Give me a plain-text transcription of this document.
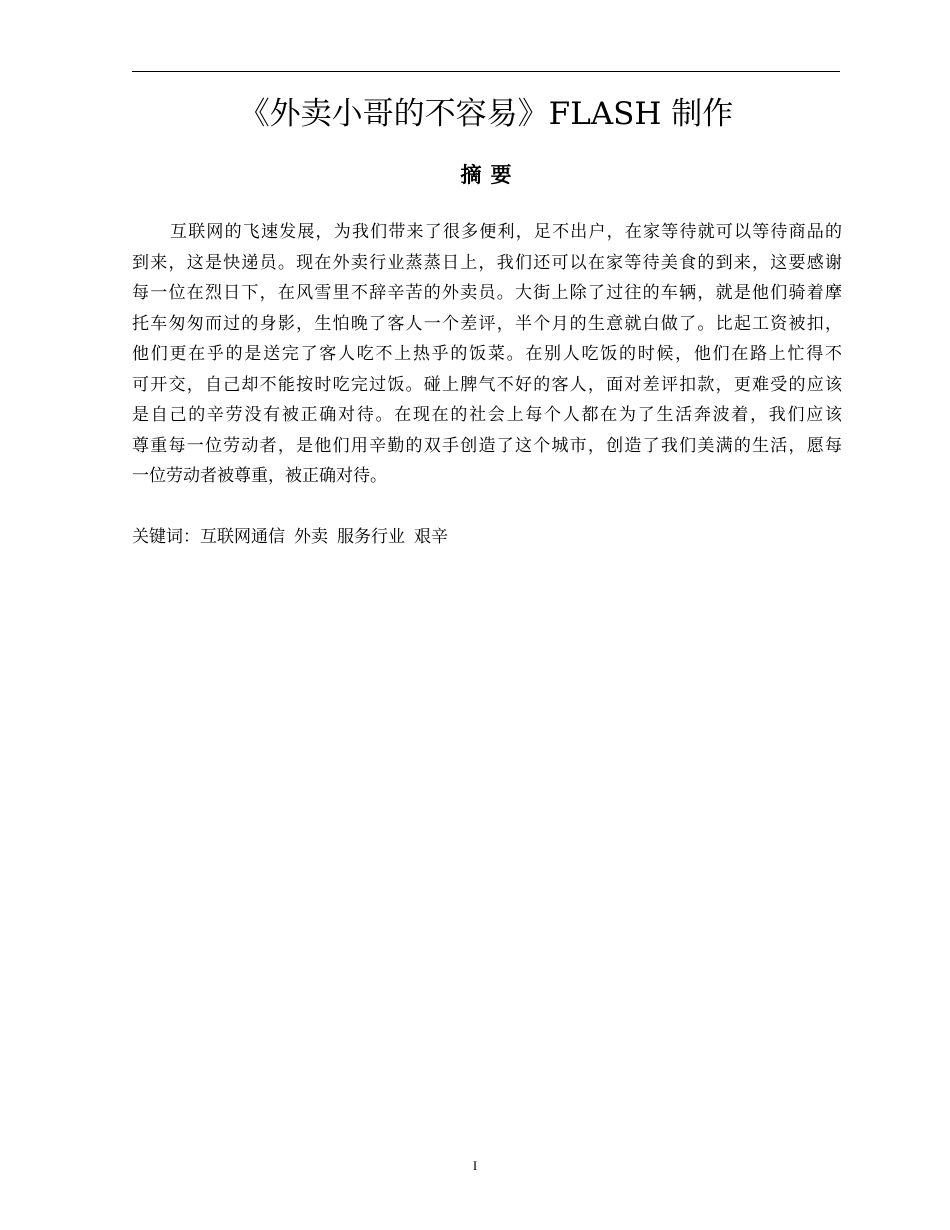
《外卖小哥的不容易》FLASH 制作
摘要
互联网的飞速发展，为我们带来了很多便利，足不出户，在家等待就可以等待商品的
到来，这是快递员。现在外卖行业蒸蒸日上，我们还可以在家等待美食的到来，这要感谢
每一位在烈日下，在风雪里不辞辛苦的外卖员。大街上除了过往的车辆，就是他们骑着摩
托车匆匆而过的身影，生怕晚了客人一个差评，半个月的生意就白做了。比起工资被扣，
他们更在乎的是送完了客人吃不上热乎的饭菜。在别人吃饭的时候，他们在路上忙得不
可开交，自己却不能按时吃完过饭。碰上脾气不好的客人，面对差评扣款，更难受的应该
是自己的辛劳没有被正确对待。在现在的社会上每个人都在为了生活奔波着，我们应该
尊重每一位劳动者，是他们用辛勤的双手创造了这个城市，创造了我们美满的生活，愿每
一位劳动者被尊重，被正确对待。
关键词：互联网通信 外卖 服务行业 艰辛
I
